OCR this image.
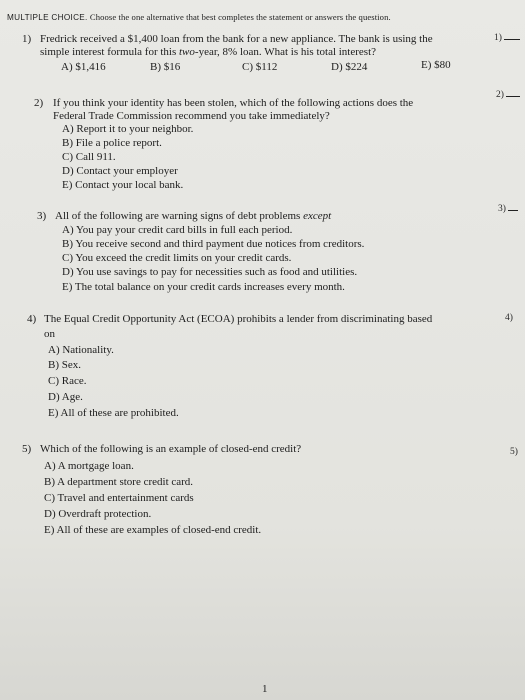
MULTIPLE CHOICE. Choose the one alternative that best completes the statement or answers the question.
1) Fredrick received a $1,400 loan from the bank for a new appliance. The bank is using the
simple interest formula for this two-year, 8% loan. What is his total interest?
A) $1,416	B) $16	C) $112	D) $224	E) $80
1)
2) If you think your identity has been stolen, which of the following actions does the
Federal Trade Commission recommend you take immediately?
A) Report it to your neighbor.
B) File a police report.
C) Call 911.
D) Contact your employer
E) Contact your local bank.
2)
3) All of the following are warning signs of debt problems except
A) You pay your credit card bills in full each period.
B) You receive second and third payment due notices from creditors.
C) You exceed the credit limits on your credit cards.
D) You use savings to pay for necessities such as food and utilities.
E) The total balance on your credit cards increases every month.
3)
4) The Equal Credit Opportunity Act (ECOA) prohibits a lender from discriminating based
on
A) Nationality.
B) Sex.
C) Race.
D) Age.
E) All of these are prohibited.
4)
5) Which of the following is an example of closed-end credit?
A) A mortgage loan.
B) A department store credit card.
C) Travel and entertainment cards
D) Overdraft protection.
E) All of these are examples of closed-end credit.
5)
1
